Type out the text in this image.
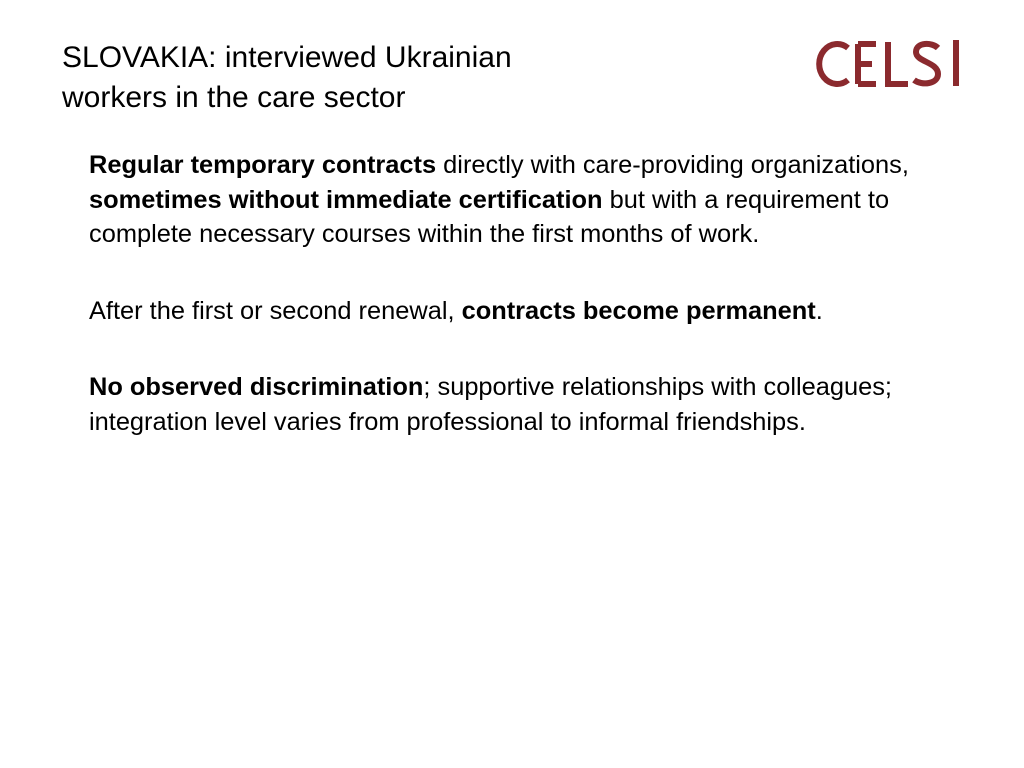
SLOVAKIA: interviewed Ukrainian
workers in the care sector

Regular temporary contracts directly with care-providing organizations, sometimes without immediate certification but with a requirement to complete necessary courses within the first months of work.

After the first or second renewal, contracts become permanent.

No observed discrimination; supportive relationships with colleagues; integration level varies from professional to informal friendships.
